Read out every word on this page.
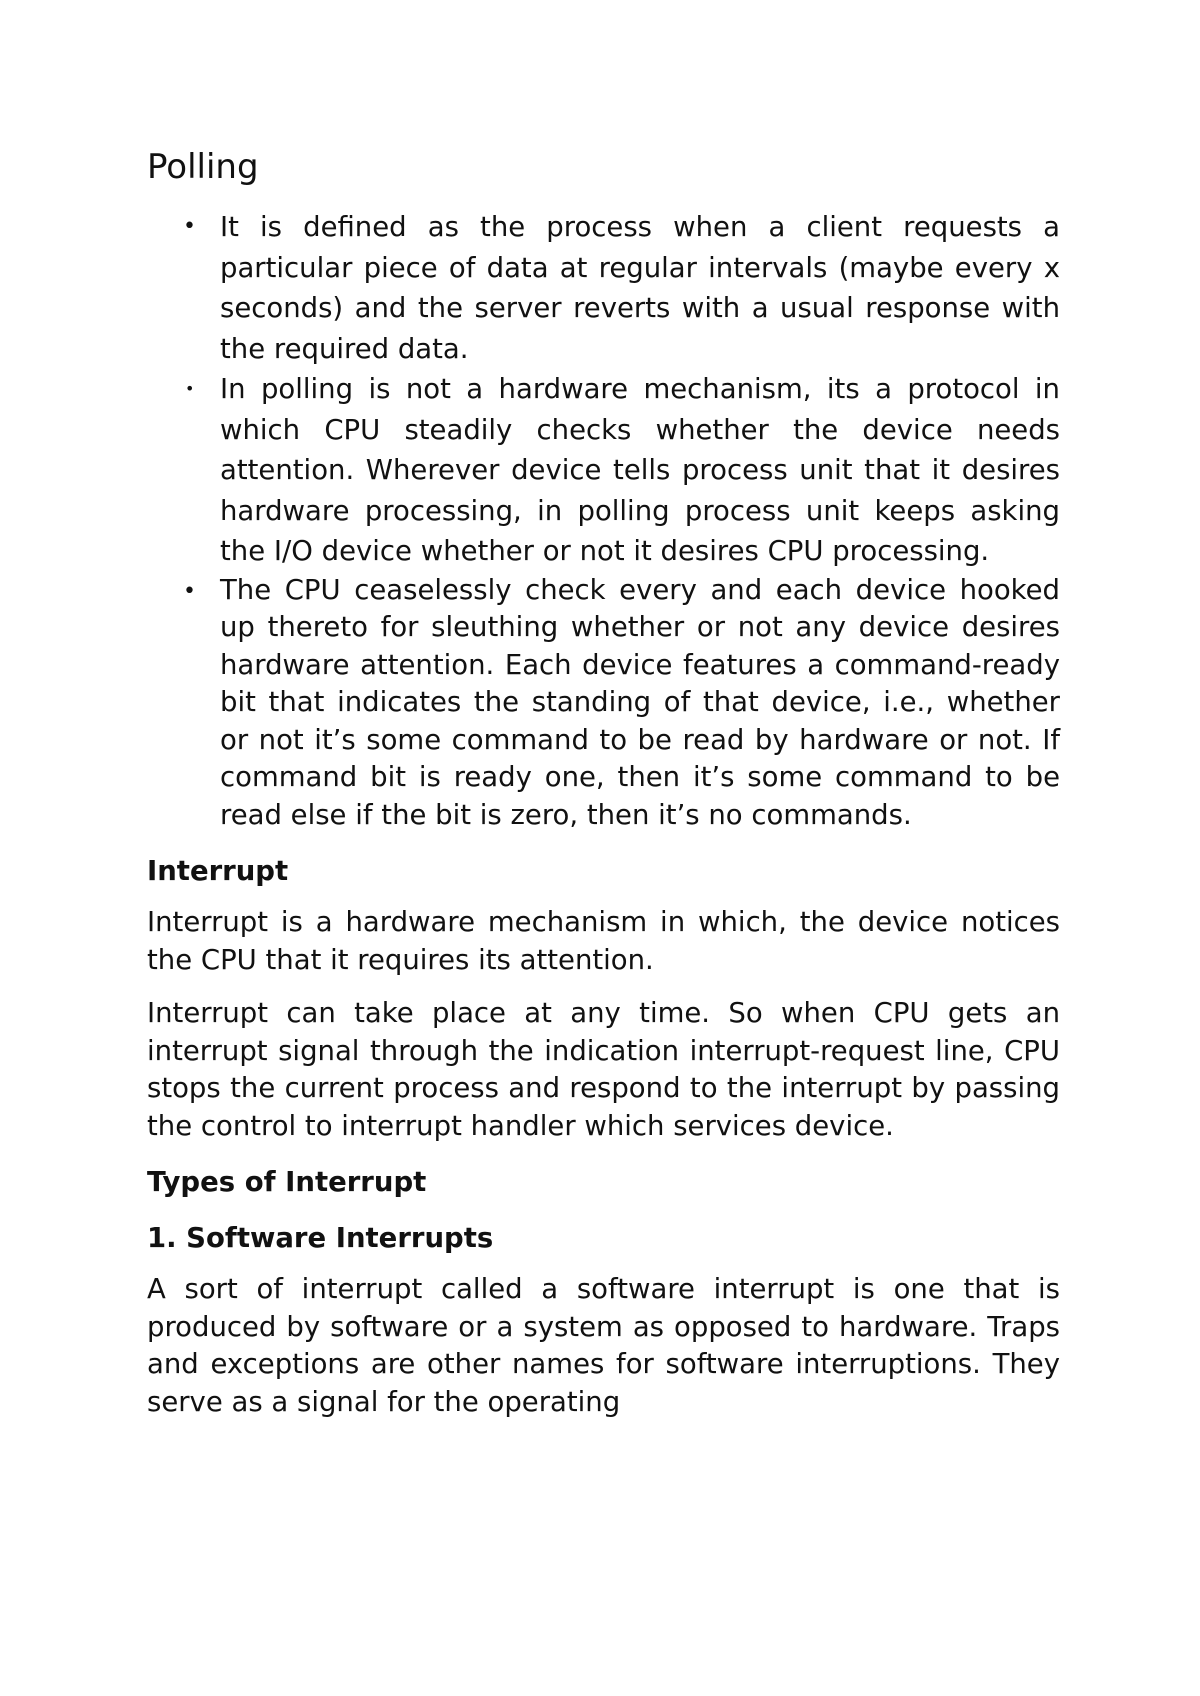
Polling
• It is defined as the process when a client requests a particular piece of data at regular intervals (maybe every x seconds) and the server reverts with a usual response with the required data.
• In polling is not a hardware mechanism, its a protocol in which CPU steadily checks whether the device needs attention. Wherever device tells process unit that it desires hardware processing, in polling process unit keeps asking the I/O device whether or not it desires CPU processing.
• The CPU ceaselessly check every and each device hooked up thereto for sleuthing whether or not any device desires hardware attention. Each device features a command-ready bit that indicates the standing of that device, i.e., whether or not it’s some command to be read by hardware or not. If command bit is ready one, then it’s some command to be read else if the bit is zero, then it’s no commands.
Interrupt

Interrupt is a hardware mechanism in which, the device notices the CPU that it requires its attention.

Interrupt can take place at any time. So when CPU gets an interrupt signal through the indication interrupt-request line, CPU stops the current process and respond to the interrupt by passing the control to interrupt handler which services device.

Types of Interrupt
1. Software Interrupts

A sort of interrupt called a software interrupt is one that is produced by software or a system as opposed to hardware. Traps and exceptions are other names for software interruptions. They serve as a signal for the operating
